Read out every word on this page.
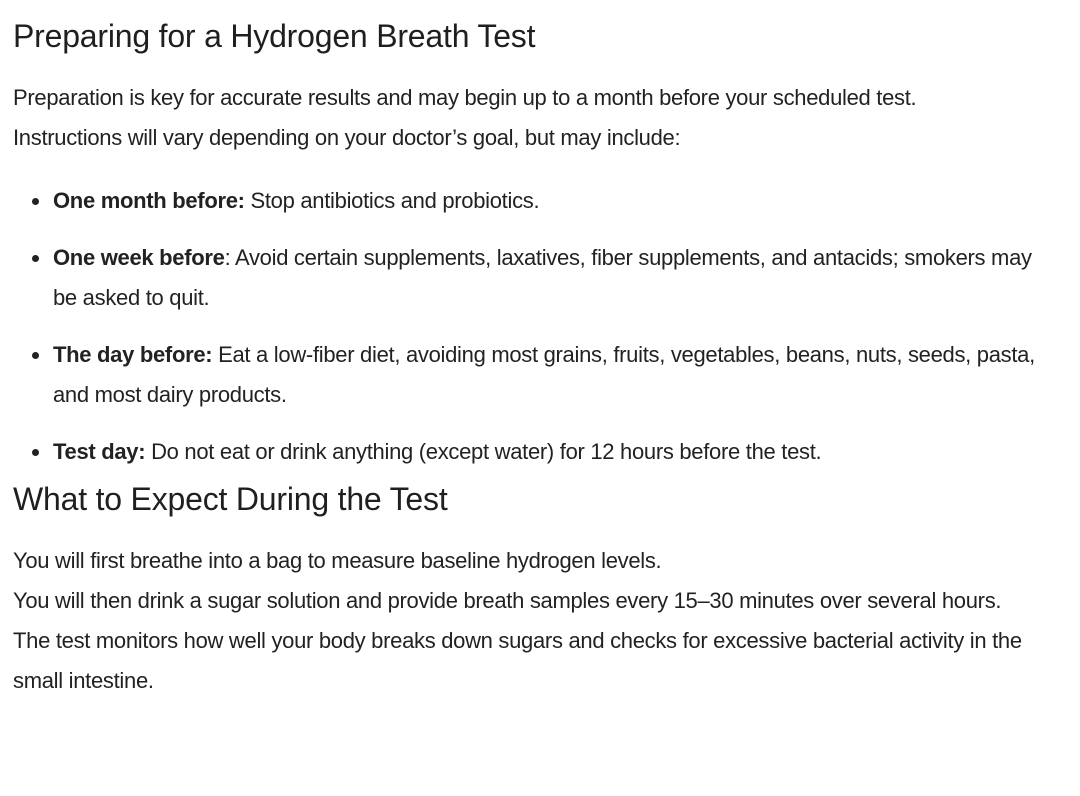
Preparing for a Hydrogen Breath Test

Preparation is key for accurate results and may begin up to a month before your scheduled test.

Instructions will vary depending on your doctor’s goal, but may include:

One month before: Stop antibiotics and probiotics.
One week before: Avoid certain supplements, laxatives, fiber supplements, and antacids; smokers may be asked to quit.
The day before: Eat a low-fiber diet, avoiding most grains, fruits, vegetables, beans, nuts, seeds, pasta, and most dairy products.
Test day: Do not eat or drink anything (except water) for 12 hours before the test.
What to Expect During the Test

You will first breathe into a bag to measure baseline hydrogen levels.

You will then drink a sugar solution and provide breath samples every 15–30 minutes over several hours.

The test monitors how well your body breaks down sugars and checks for excessive bacterial activity in the small intestine.
